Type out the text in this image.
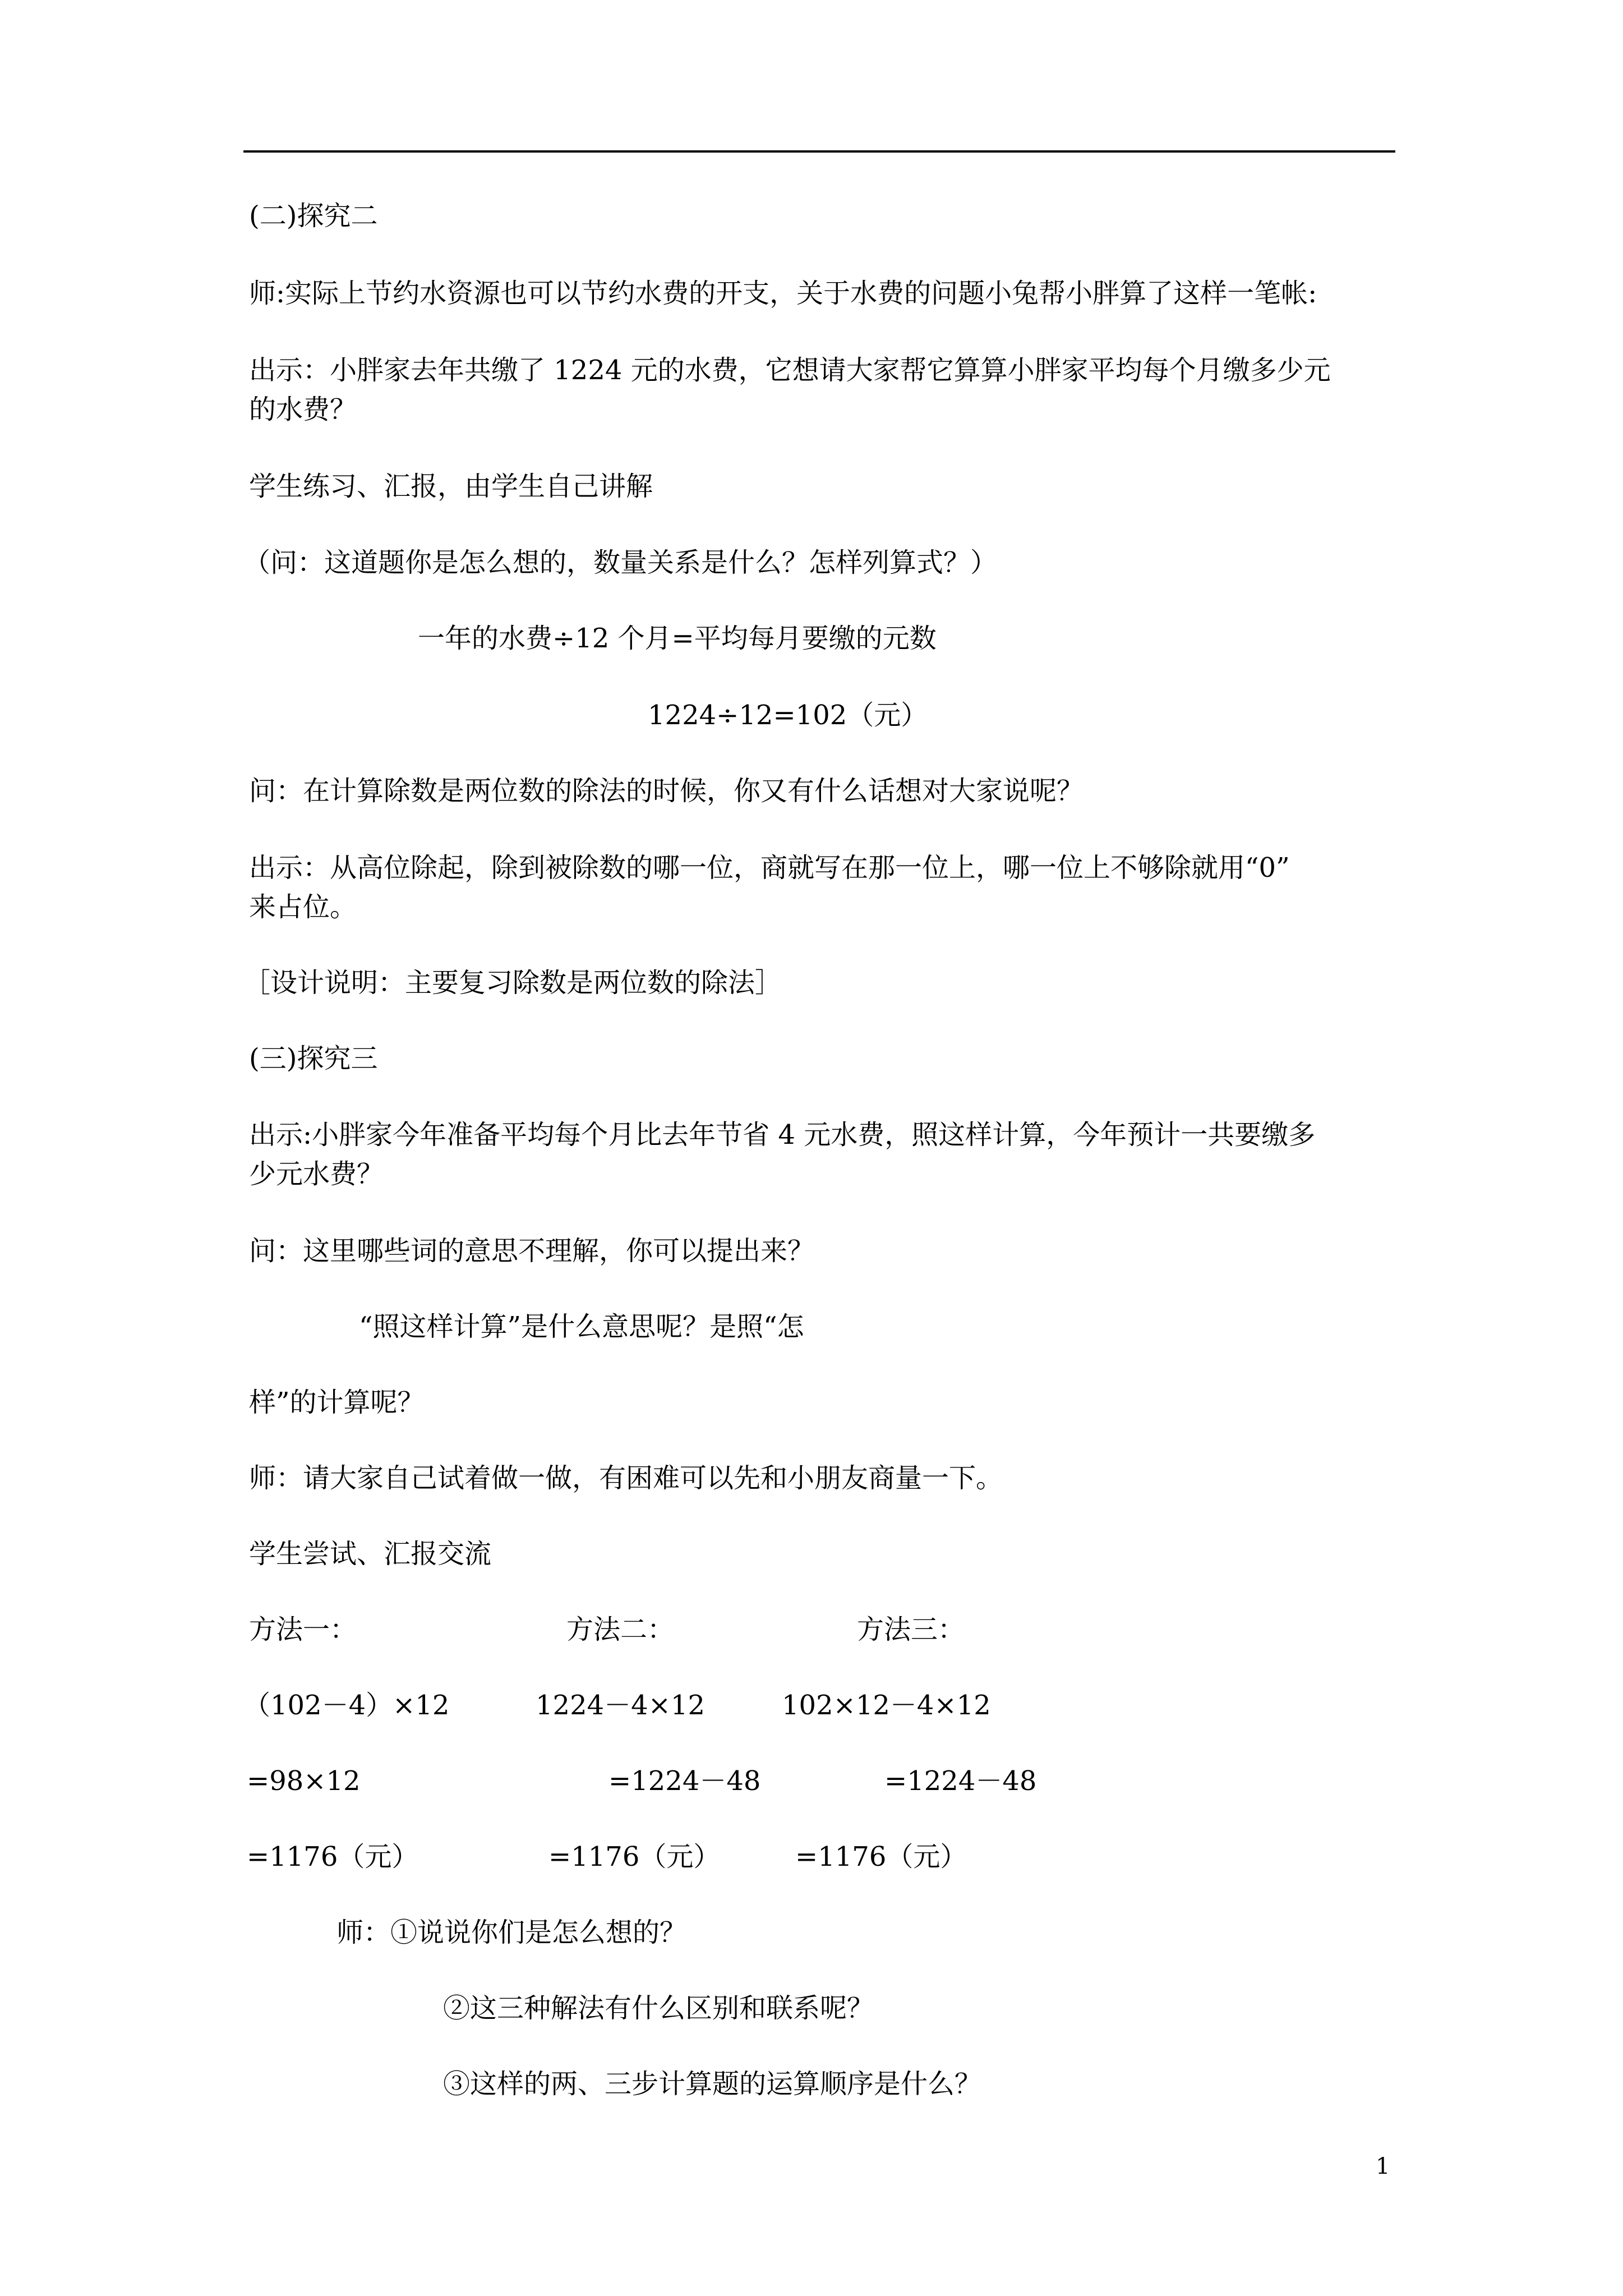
(二)探究二

师:实际上节约水资源也可以节约水费的开支，关于水费的问题小兔帮小胖算了这样一笔帐:

出示：小胖家去年共缴了 1224 元的水费，它想请大家帮它算算小胖家平均每个月缴多少元

的水费？

学生练习、汇报，由学生自己讲解

（问：这道题你是怎么想的，数量关系是什么？怎样列算式？）

一年的水费÷12 个月=平均每月要缴的元数

1224÷12=102（元）

问：在计算除数是两位数的除法的时候，你又有什么话想对大家说呢？

出示：从高位除起，除到被除数的哪一位，商就写在那一位上，哪一位上不够除就用“0”

来占位。

［设计说明：主要复习除数是两位数的除法］

(三)探究三

出示:小胖家今年准备平均每个月比去年节省 4 元水费，照这样计算，今年预计一共要缴多

少元水费？

问：这里哪些词的意思不理解，你可以提出来？

“照这样计算”是什么意思呢？是照“怎

样”的计算呢？

师：请大家自己试着做一做，有困难可以先和小朋友商量一下。

学生尝试、汇报交流

方法一：	方法二：	方法三：

（102－4）×12	1224－4×12	102×12－4×12

=98×12	=1224－48	=1224－48

=1176（元）	=1176（元）	=1176（元）

师：①说说你们是怎么想的？

②这三种解法有什么区别和联系呢？

③这样的两、三步计算题的运算顺序是什么？

1
